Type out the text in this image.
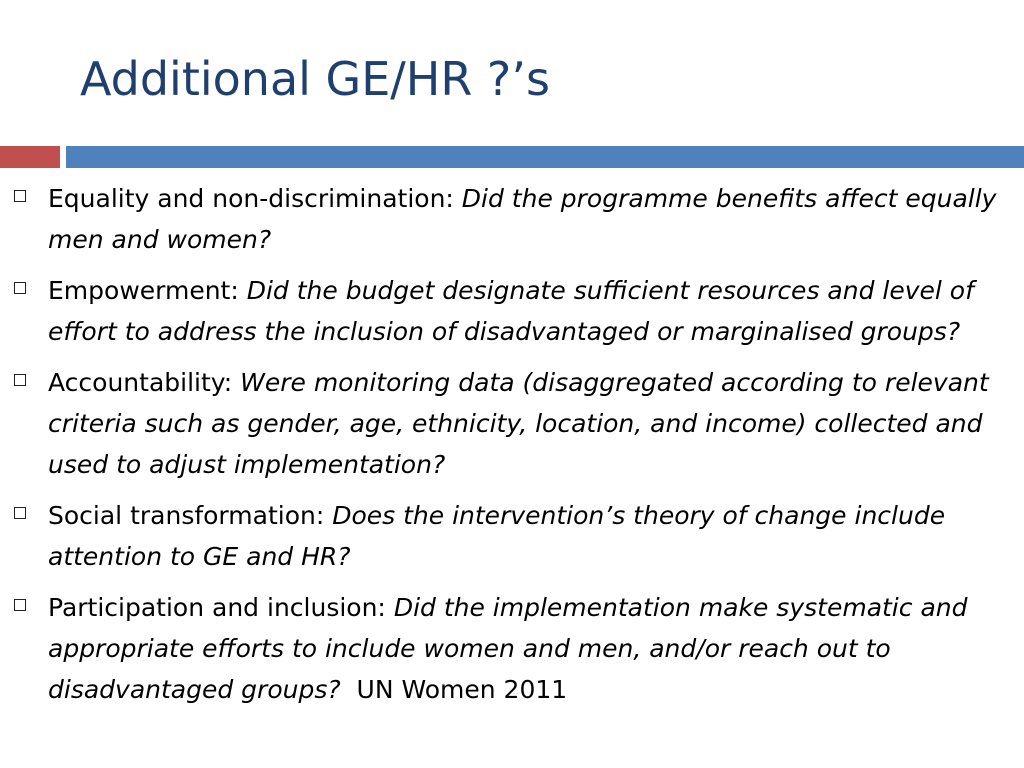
Additional GE/HR ?’s
Equality and non-discrimination: Did the programme benefits affect equally men and women?
Empowerment: Did the budget designate sufficient resources and level of effort to address the inclusion of disadvantaged or marginalised groups?
Accountability: Were monitoring data (disaggregated according to relevant criteria such as gender, age, ethnicity, location, and income) collected and used to adjust implementation?
Social transformation: Does the intervention’s theory of change include attention to GE and HR?
Participation and inclusion: Did the implementation make systematic and appropriate efforts to include women and men, and/or reach out to disadvantaged groups?  UN Women 2011
